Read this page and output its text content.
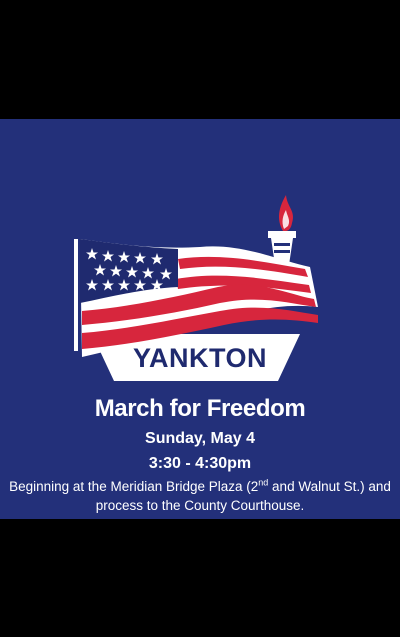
YANKTON
March for Freedom
Sunday, May 4
3:30 - 4:30pm
Beginning at the Meridian Bridge Plaza (2nd and Walnut St.) and process to the County Courthouse.
